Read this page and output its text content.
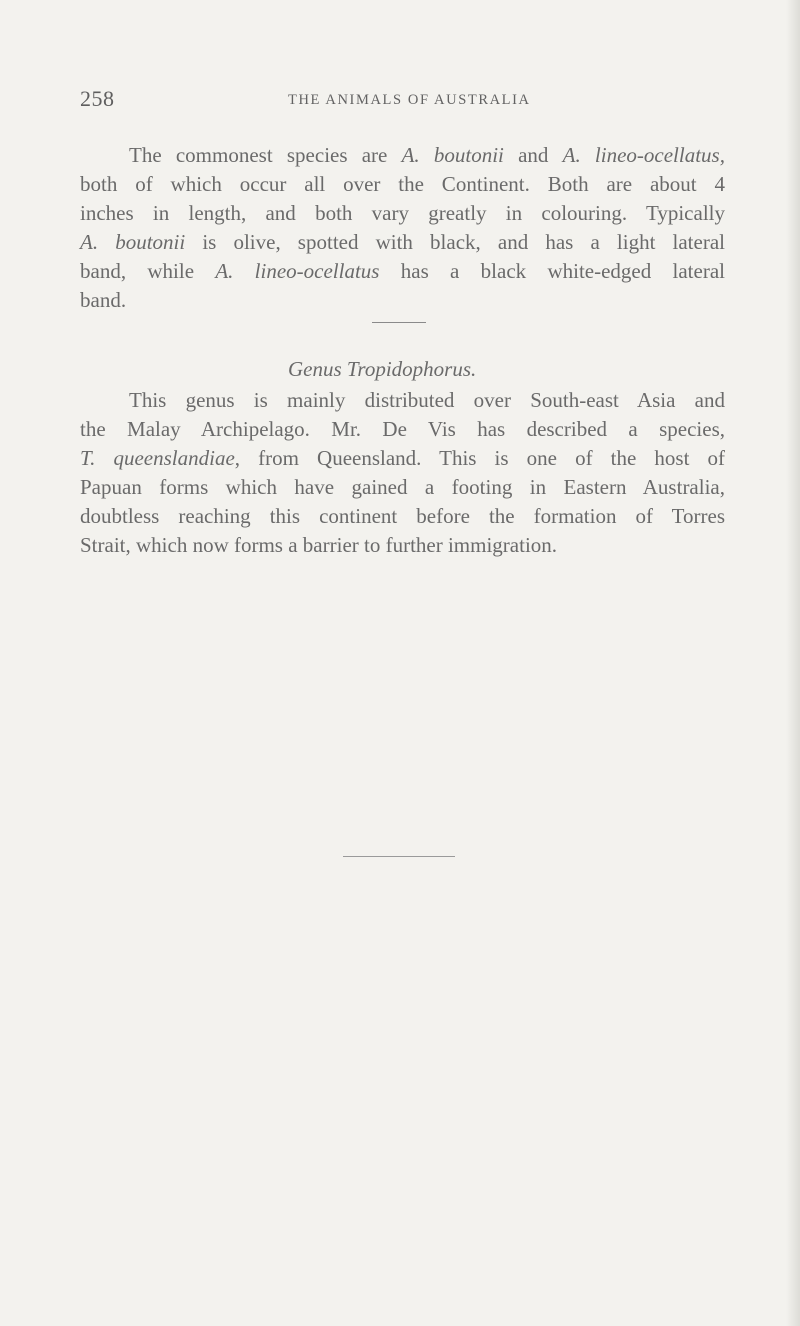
258	THE ANIMALS OF AUSTRALIA
The commonest species are A. boutonii and A. lineo-ocellatus,
both of which occur all over the Continent. Both are about 4
inches in length, and both vary greatly in colouring. Typically
A. boutonii is olive, spotted with black, and has a light lateral
band, while A. lineo-ocellatus has a black white-edged lateral
band.
Genus Tropidophorus.
This genus is mainly distributed over South-east Asia and
the Malay Archipelago. Mr. De Vis has described a species,
T. queenslandiae, from Queensland. This is one of the host of
Papuan forms which have gained a footing in Eastern Australia,
doubtless reaching this continent before the formation of Torres
Strait, which now forms a barrier to further immigration.
